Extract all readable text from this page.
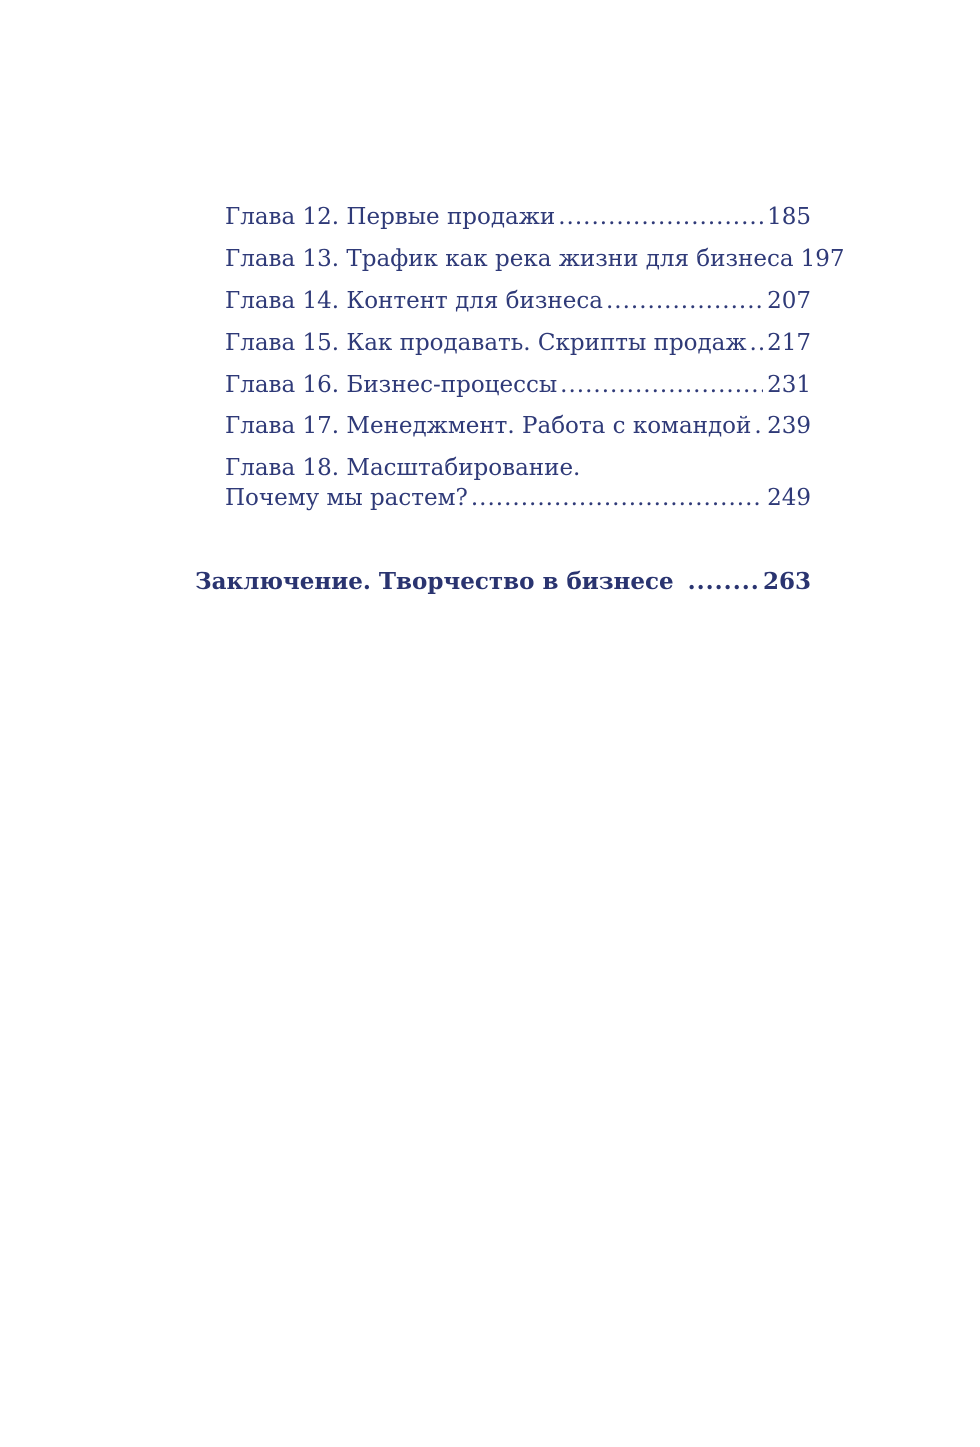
Глава 12. Первые продажи .....	185
Глава 13. Трафик как река жизни для бизнеса 197
Глава 14. Контент для бизнеса .....	207
Глава 15. Как продавать. Скрипты продаж ..... 217
Глава 16. Бизнес-процессы .....	231
Глава 17. Менеджмент. Работа с командой ..... 239
Глава 18. Масштабирование.
Почему мы растем? .....	249
Заключение. Творчество в бизнесе .....	263
